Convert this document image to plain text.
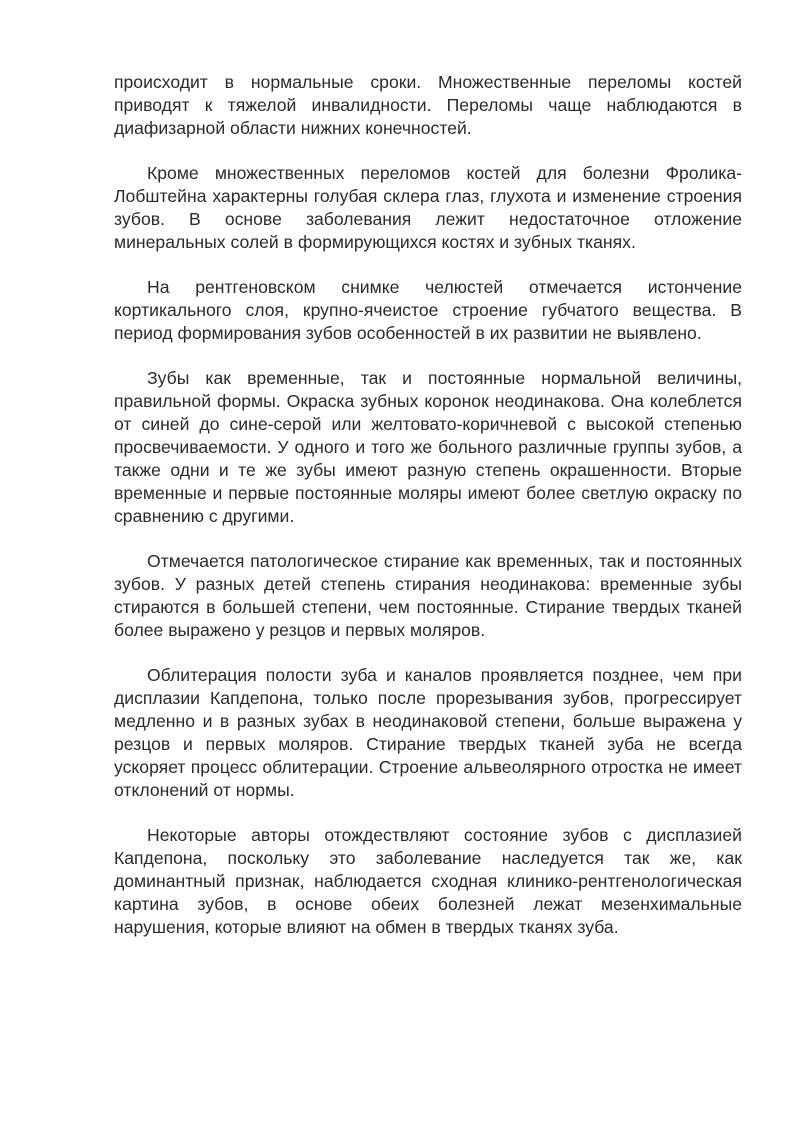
происходит в нормальные сроки. Множественные переломы костей приводят к тяжелой инвалидности. Переломы чаще наблюдаются в диафизарной области нижних конечностей.

Кроме множественных переломов костей для болезни Фролика-Лобштейна характерны голубая склера глаз, глухота и изменение строения зубов. В основе заболевания лежит недостаточное отложение минеральных солей в формирующихся костях и зубных тканях.

На рентгеновском снимке челюстей отмечается истончение кортикального слоя, крупно-ячеистое строение губчатого вещества. В период формирования зубов особенностей в их развитии не выявлено.

Зубы как временные, так и постоянные нормальной величины, правильной формы. Окраска зубных коронок неодинакова. Она колеблется от синей до сине-серой или желтовато-коричневой с высокой степенью просвечиваемости. У одного и того же больного различные группы зубов, а также одни и те же зубы имеют разную степень окрашенности. Вторые временные и первые постоянные моляры имеют более светлую окраску по сравнению с другими.

Отмечается патологическое стирание как временных, так и постоянных зубов. У разных детей степень стирания неодинакова: временные зубы стираются в большей степени, чем постоянные. Стирание твердых тканей более выражено у резцов и первых моляров.

Облитерация полости зуба и каналов проявляется позднее, чем при дисплазии Капдепона, только после прорезывания зубов, прогрессирует медленно и в разных зубах в неодинаковой степени, больше выражена у резцов и первых моляров. Стирание твердых тканей зуба не всегда ускоряет процесс облитерации. Строение альвеолярного отростка не имеет отклонений от нормы.

Некоторые авторы отождествляют состояние зубов с дисплазией Капдепона, поскольку это заболевание наследуется так же, как доминантный признак, наблюдается сходная клинико-рентгенологическая картина зубов, в основе обеих болезней лежат мезенхимальные нарушения, которые влияют на обмен в твердых тканях зуба.
